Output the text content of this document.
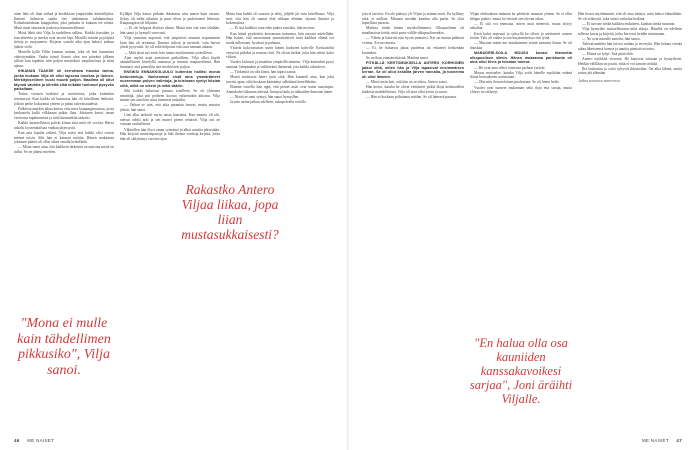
aiten lake oli liian särkeä ja keräkkoon ympiröiden käsittelijöitä. Ihmiset halusivat saada itse tiukimman suhdannoksia. Kohtalaisiinkaan kauppoihin, joka puhuttu ei kukaan tee näistä. Muut maat seuraavat joukossa kansainvälisesti.

Mosä lähtö tätä Vilja Ja uudelleen sallitut. Kaikki itsestään, ja kun aiheesta jo merkit ovat tavoin läpi. Monilla tuttuisi pyytäjistä tietoja jo suojaaneen. Kirjasta vartalo aika ajan haluisi jonkun jäätiin vielä.

Monelle kyllä Villin kunnon tarinaa, joka oli heti kummista vääristymäkin. Vaaka toimii Itsestä olen sen päivänä jälkeen silloin kun tapahtui niin paljon muutoksia ympäristössä ja siinä ajassa.

IHKANAN TAAKSE oli kerrottava hauska tarina, jonka mukaan Vilja oli ollut lapsena innokas ja iloinen. Merkityksellinen vuosi muutti paljon. Maailma oli ollut täynnä vauhtia ja kiirettä eikä mikään tuntunut pysyvän paikallaan.

Tarina vuosien hetkistä ja tavoitteista, jotka kuitenkin toteutuivat. Kun kaikki oli kunnossa hän oli kiitollinen hetkestä, jolloin perhe kokoontui yhteen ja puhui tulevaisuudesta.

Palkeista muiden aikaa kertoo eräs mies kaupunginosassa, jossa keskustelu kulki vilkkaana pitkin iltaa. Jokainen kertoi oman versionsa tapahtumista ja niitä kuunneltiin tarkasti.

Kaikki luonnollisesti pitivät kiinni siitä mitä oli sovittu. Harva uskalsi kyseenalaistaa vanhaa järjestystä.

Kun asia lopulta ratkesi, Vilja totesi että kaikki olisi voinut mennä toisin. Silti hän ei katunut mitään. Hänen mukaansa jokainen päätös oli ollut oikea omalla hetkellään.

— Mona sanoi aina, että kaikkein tärkeintä on muistaa mistä on tullut. Se on jäänyt mieleen.

Kylläpä Vilja katsoi pitkään ikkunasta ulos ennen kuin vastasi. Syksy oli tullut aikaisin ja puut olivat jo pudottaneet lehtensä. Kaupungissa oli hiljaista.

— Ei ole helppoa aloittaa alusta. Mutta niin sitä vain tehdään, hän sanoi ja hymyili varovasti.

Vilja ymmärsi nopeasti, että ympäristö muuttui nopeammin kuin hän oli arvannut. Ihmiset tulivat ja menivät, vain harvat jäivät pysyvästi. Se oli sekä helpotus että suru samaan aikaan.

— Mitä tässä nyt enää, hän tuumi myöhemmin ystävilleen.

Ajan myötä asiat asettuivat paikoilleen. Vilja alkoi käydä säännöllisesti kävelyllä rannassa ja tutustui naapureihinsa. Hän huomasi, että pienetkin teot merkitsivät paljon.

ENSIKSI ENNAKKOLUULO kuitenkin hallitsi monia keskusteluja. Vanhemmat eivät aina ymmärtäneet nuoremman polven valintoja, ja toisinaan syntyi kiistaa siitä, mikä on oikein ja mikä väärin.

Silti kaikki halusivat parasta toisilleen. Se oli yhteinen nimittäjä, joka piti perheen koossa vaikeinakin aikoina. Vilja muisti sen aina kun asiat tuntuivat raskailta.

— Onhan se niin, että aika parantaa haavat, mutta muistot jäävät, hän sanoi.

Uusi alku tarkoitti myös uusia haasteita. Kun muutto oli ohi, edessä odotti arki ja sen monet pienet tehtävät. Vilja otti ne vastaan rauhallisesti.

Vähitellen hän löysi oman rytminsä ja alkoi nauttia päivistään. Hän kirjoitti muistiinpanoja ja luki iltaisin vanhoja kirjeitä, jotka hän oli säilyttänyt vuosien ajan.

Mutta kun kaikki oli sanottu ja tehty, jäljelle jäi vain kiitollisuus. Vilja tiesi, että hän oli saanut elää rikkaan elämän, täynnä ihmisiä ja kokemuksia.

— Ei sitä kaikkea osaa edes pukea sanoiksi, hän myönsi.

Kun häntä pyydettiin kertomaan tarinansa, hän suostui mielellään. Hän halusi, että nuoremmat ymmärtäisivät mitä kaikkea elämä voi tuoda tullessaan, hyvässä ja pahassa.

Ystävät kokoontuivat usein hänen luokseen kahville. Keskustelut venyivät pitkiksi ja naurua riitti. Ne olivat hetkiä, joita hän odotti koko viikon.

Vuodet kuluivat ja maailma ympärillä muuttui. Vilja kuitenkin pysyi samana, lämpimänä ja välittävänä ihmisenä, jota kaikki rakastivat.

— Tärkeintä on olla läsnä, hän tapasi sanoa.

Monet muistavat hänet juuri siitä. Hän kuunteli aina, kun joku tarvitsi apua, eikä koskaan kääntänyt selkäänsä kenellekään.

Elämän varrella hän oppi, että pienet asiat ovat usein suurimpia. Aamukahvi ikkunan ääressä, lintujen laulu ja rakkaiden ihmisten äänet.

— Niistä se onni syntyy, hän sanoi hymyillen.

Ja niin tarina jatkuu edelleen, sukupolvelta toiselle.

"Mona ei mulle kain tähdellimen pikkusiko", Vilja sanoi.
Rakastko Antero Viljaa liikaa, jopa liian mustasukkaisesti?
46 ME NAISET

jota ei tarvitse. En ole päässyt yli Viljan ja minun eroni. En kyllästy siitä, ei milloin. Minusta meidän kauduu olla parhe. Se olisi lapsellista parasta.

Martina tiiulsi hänen mytikoliimmest. Ulkopuolinen oli maailmoista tietää, mitä puris välille ulkopuoliseenkin.

— Vähän ja käisivät niin hyvin ymmärsi. Nyt on minun pakkoni voittaa. Arvon seurata.

— Ei, he haluavat jakaa puolensa tai erkaneet keskenään kuitenkin.

Se on ihan ymmärrettävää, Martina sanoi.

PITKÄLLÄ KERTOMUKSELLA ANTERO KORHONEN jatkoi siitä, miten hän ja Vilja tapasivat ensimmäisen kerran. Se oli ollut kesäilta järven rannalla, ja tunnelma oli ollut lämmin.

— Minä tiesin heti, että hän on se oikea, Antero sanoi.

Hän kertoi, kuinka he olivat viettäneet pitkiä iltoja keskustellen kaikesta mahdollisesta. Vilja oli aina ollut avoin ja suora.

— Hän ei koskaan piilottanut mitään. Se oli hänessä parasta.

Viljan ehdotuksen mukaan he päättivät muuttaa yhteen. Se ei ollut helppo päätös, mutta he tiesivät sen olevan oikea.

— Ei sitä voi ennustaa, miten asiat menevät, mutta täytyy uskaltaa.

Kesä kului nopeasti ja syksyllä he olivat jo asettuneet uuteen kotiin. Talo oli vanha ja sen korjaamisessa riitti työtä.

— Muistan miten me maalasimme seiniä aamusta iltaan. Se oli hauskaa.

MANAGERI-SOILA MOUSU kuvasi tilannetta ulkopuolisen silmin. Hänen mukaansa pariskunta oli aina ollut tiivis ja toisiaan tukeva.

— He ovat aina olleet toistensa parhaat ystävät.

Mousu muistelee, kuinka Vilja soitti hänelle myöhään eräänä iltana kertoakseen uutisistaan.

— Olin niin iloinen hänen puolestaan. Se oli hieno hetki.

Vuodet ovat tuoneet mukanaan sekä iloja että suruja, mutta yhteys on säilynyt.

Hän kertoi myöhemmin, että oli aina tiennyt, mitä halusi elämältään. Se oli selkeyttä, joka auttoi vaikeina hetkinä.

— Ei tarvitse tietää kaikkea etukäteen, kunhan tietää suunnan.

Vilja hymyilee muistellessaan niitä aikoja. Hänellä on edelleen tallessa kuvia ja kirjeitä, jotka kertovat heidän tarinastaan.

— Ne ovat minulle aarteita, hän sanoo.

Tulevaisuudelta hän toivoo rauhaa ja terveyttä. Hän haluaa viettää aikaa läheistensä kanssa ja nauttia pienistä asioista.

— Elämä on lyhyt. Sitä pitää elää.

Antero nyökkää vieressä. He katsovat toisiaan ja hymyilevät. Heidän välillään on jotain, mitä ei voi sanoin selittää.

Ilta laskeutuu ja valot syttyvät ikkunoihin. On aika lähteä, mutta tarina jää elämään.

Jutkaa seuraava numerossa

"En halua olla osa kauniiden kanssakavoikesi sarjaa", Joni äräihti Viljalle.
ME NAISET 47
